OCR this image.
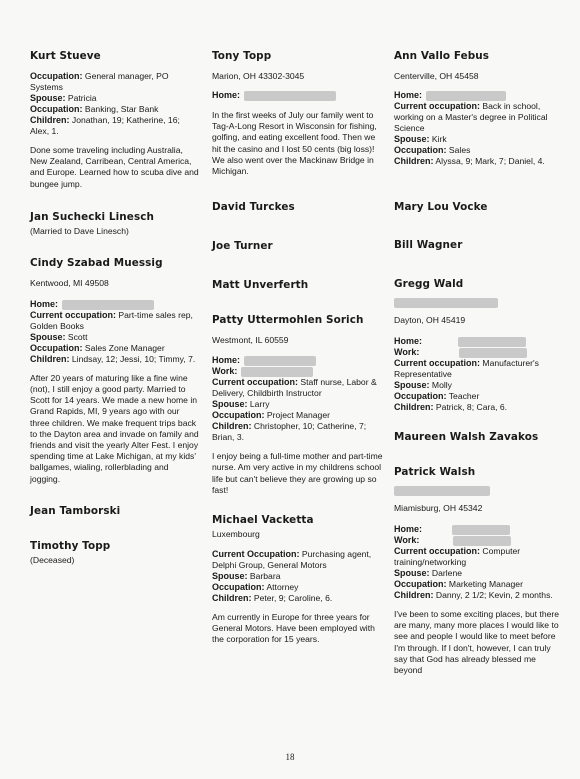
Kurt Stueve

Occupation: General manager, PO Systems

Spouse: Patricia

Occupation: Banking, Star Bank

Children: Jonathan, 19; Katherine, 16; Alex, 1.

Done some traveling including Australia, New Zealand, Carribean, Central America, and Europe. Learned how to scuba dive and bungee jump.

Jan Suchecki Linesch

(Married to Dave Linesch)

Cindy Szabad Muessig

Kentwood, MI 49508

Home:

Current occupation: Part-time sales rep, Golden Books

Spouse: Scott

Occupation: Sales Zone Manager

Children: Lindsay, 12; Jessi, 10; Timmy, 7.

After 20 years of maturing like a fine wine (not), I still enjoy a good party. Married to Scott for 14 years. We made a new home in Grand Rapids, MI, 9 years ago with our three children. We make frequent trips back to the Dayton area and invade on family and friends and visit the yearly Alter Fest. I enjoy spending time at Lake Michigan, at my kids' ballgames, wialing, rollerblading and jogging.

Jean Tamborski

Timothy Topp

(Deceased)

Tony Topp

Marion, OH 43302-3045

Home:

In the first weeks of July our family went to Tag-A-Long Resort in Wisconsin for fishing, golfing, and eating excellent food. Then we hit the casino and I lost 50 cents (big loss)! We also went over the Mackinaw Bridge in Michigan.

David Turckes

Joe Turner

Matt Unverferth

Patty Uttermohlen Sorich

Westmont, IL 60559

Home:

Work:

Current occupation: Staff nurse, Labor & Delivery, Childbirth Instructor

Spouse: Larry

Occupation: Project Manager

Children: Christopher, 10; Catherine, 7; Brian, 3.

I enjoy being a full-time mother and part-time nurse. Am very active in my childrens school life but can't believe they are growing up so fast!

Michael Vacketta

Luxembourg

Current Occupation: Purchasing agent, Delphi Group, General Motors

Spouse: Barbara

Occupation: Attorney

Children: Peter, 9; Caroline, 6.

Am currently in Europe for three years for General Motors. Have been employed with the corporation for 15 years.

Ann Vallo Febus

Centerville, OH 45458

Home:

Current occupation: Back in school, working on a Master's degree in Political Science

Spouse: Kirk

Occupation: Sales

Children: Alyssa, 9; Mark, 7; Daniel, 4.

Mary Lou Vocke

Bill Wagner

Gregg Wald

Dayton, OH 45419

Home:

Work:

Current occupation: Manufacturer's Representative

Spouse: Molly

Occupation: Teacher

Children: Patrick, 8; Cara, 6.

Maureen Walsh Zavakos

Patrick Walsh

Miamisburg, OH 45342

Home:

Work:

Current occupation: Computer training/networking

Spouse: Darlene

Occupation: Marketing Manager

Children: Danny, 2 1/2; Kevin, 2 months.

I've been to some exciting places, but there are many, many more places I would like to see and people I would like to meet before I'm through. If I don't, however, I can truly say that God has already blessed me beyond

18
